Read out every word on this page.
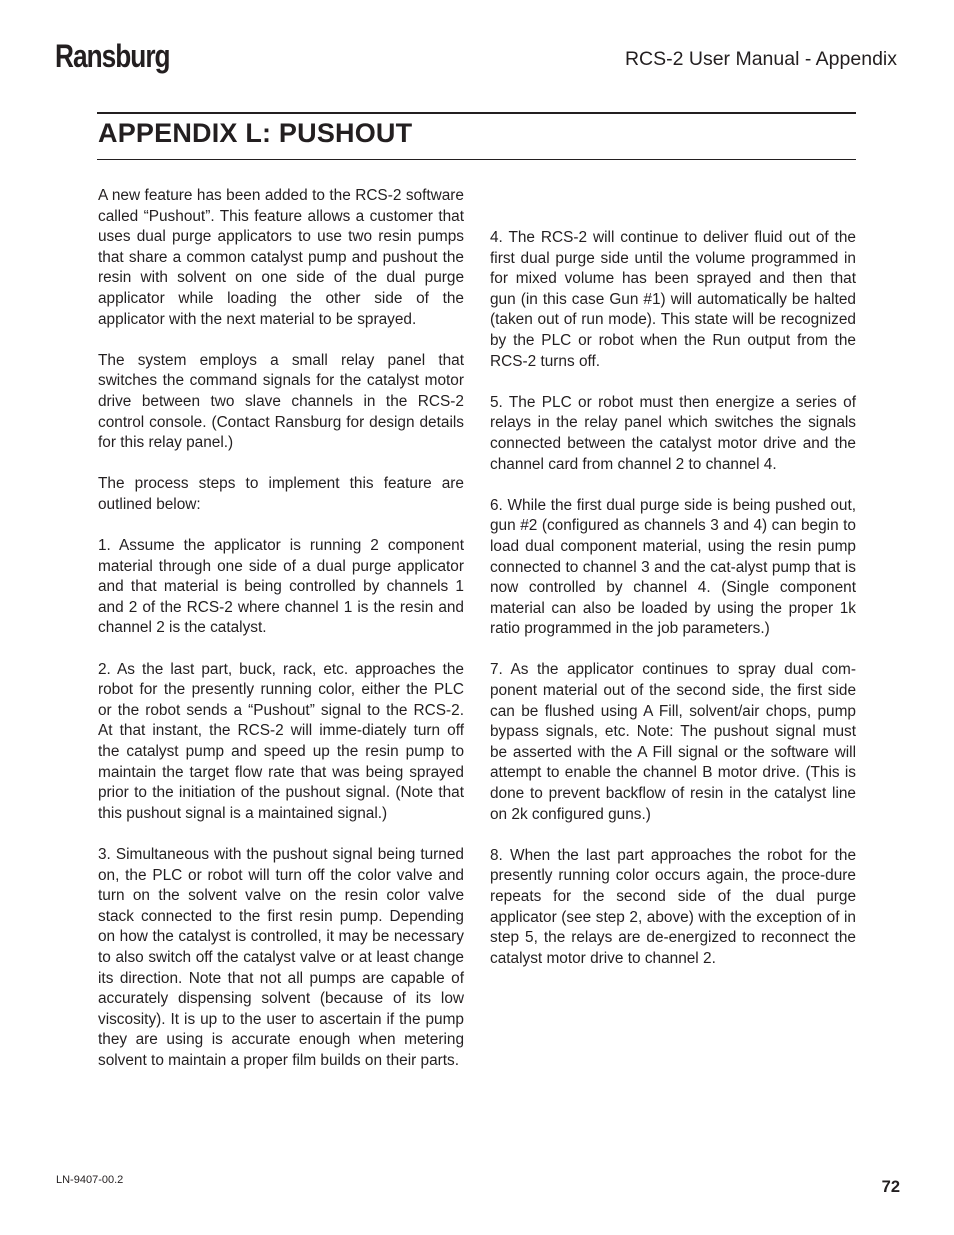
Ransburg	RCS-2 User Manual - Appendix
APPENDIX L: PUSHOUT

A new feature has been added to the RCS-2 software called “Pushout”. This feature allows a customer that uses dual purge applicators to use two resin pumps that share a common catalyst pump and pushout the resin with solvent on one side of the dual purge applicator while loading the other side of the applicator with the next material to be sprayed.

The system employs a small relay panel that switches the command signals for the catalyst motor drive between two slave channels in the RCS-2 control console. (Contact Ransburg for design details for this relay panel.)

The process steps to implement this feature are outlined below:

1. Assume the applicator is running 2 component material through one side of a dual purge applicator and that material is being controlled by channels 1 and 2 of the RCS-2 where channel 1 is the resin and channel 2 is the catalyst.

2. As the last part, buck, rack, etc. approaches the robot for the presently running color, either the PLC or the robot sends a “Pushout” signal to the RCS-2. At that instant, the RCS-2 will imme-diately turn off the catalyst pump and speed up the resin pump to maintain the target flow rate that was being sprayed prior to the initiation of the pushout signal. (Note that this pushout signal is a maintained signal.)

3. Simultaneous with the pushout signal being turned on, the PLC or robot will turn off the color valve and turn on the solvent valve on the resin color valve stack connected to the first resin pump. Depending on how the catalyst is controlled, it may be necessary to also switch off the catalyst valve or at least change its direction. Note that not all pumps are capable of accurately dispensing solvent (because of its low viscosity). It is up to the user to ascertain if the pump they are using is accurate enough when metering solvent to maintain a proper film builds on their parts.

4. The RCS-2 will continue to deliver fluid out of the first dual purge side until the volume programmed in for mixed volume has been sprayed and then that gun (in this case Gun #1) will automatically be halted (taken out of run mode). This state will be recognized by the PLC or robot when the Run output from the RCS-2 turns off.

5. The PLC or robot must then energize a series of relays in the relay panel which switches the signals connected between the catalyst motor drive and the channel card from channel 2 to channel 4.

6. While the first dual purge side is being pushed out, gun #2 (configured as channels 3 and 4) can begin to load dual component material, using the resin pump connected to channel 3 and the cat-alyst pump that is now controlled by channel 4. (Single component material can also be loaded by using the proper 1k ratio programmed in the job parameters.)

7. As the applicator continues to spray dual com-ponent material out of the second side, the first side can be flushed using A Fill, solvent/air chops, pump bypass signals, etc. Note: The pushout signal must be asserted with the A Fill signal or the software will attempt to enable the channel B motor drive. (This is done to prevent backflow of resin in the catalyst line on 2k configured guns.)

8. When the last part approaches the robot for the presently running color occurs again, the proce-dure repeats for the second side of the dual purge applicator (see step 2, above) with the exception of in step 5, the relays are de-energized to reconnect the catalyst motor drive to channel 2.

LN-9407-00.2	72
